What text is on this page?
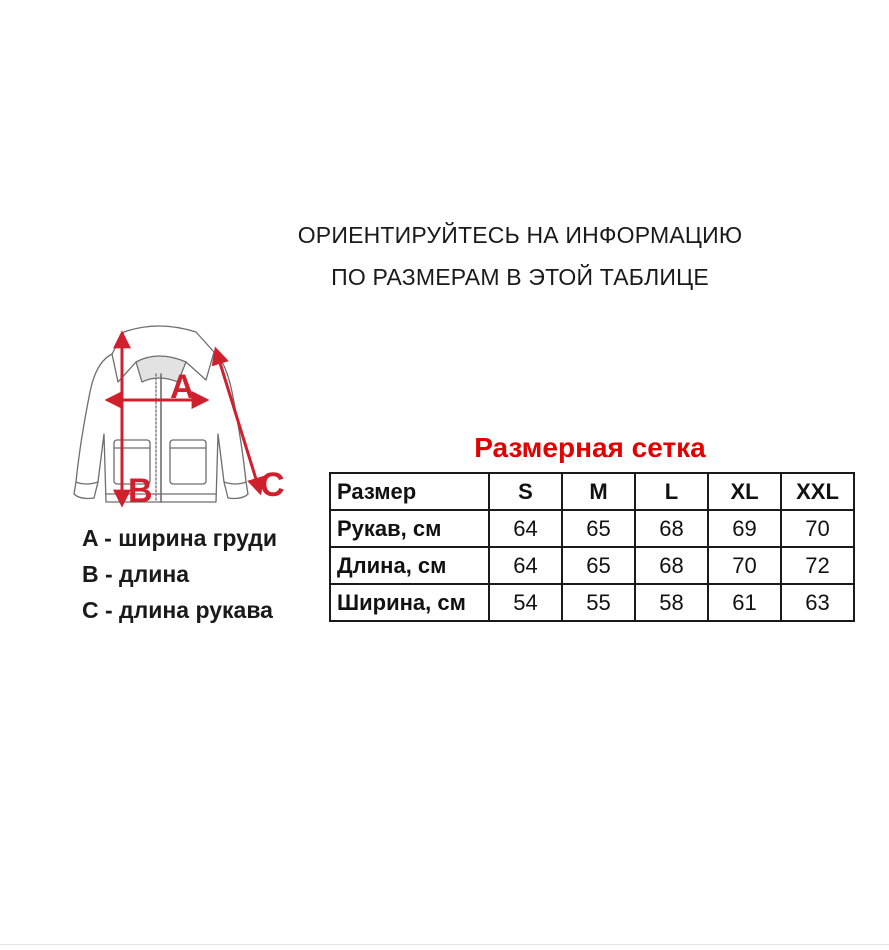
ОРИЕНТИРУЙТЕСЬ НА ИНФОРМАЦИЮ
ПО РАЗМЕРАМ В ЭТОЙ ТАБЛИЦЕ
A
B	C
A - ширина груди
B - длина
C - длина рукава
Размерная сетка
Размер	S	M	L	XL	XXL
Рукав, см	64	65	68	69	70
Длина, см	64	65	68	70	72
Ширина, см	54	55	58	61	63
